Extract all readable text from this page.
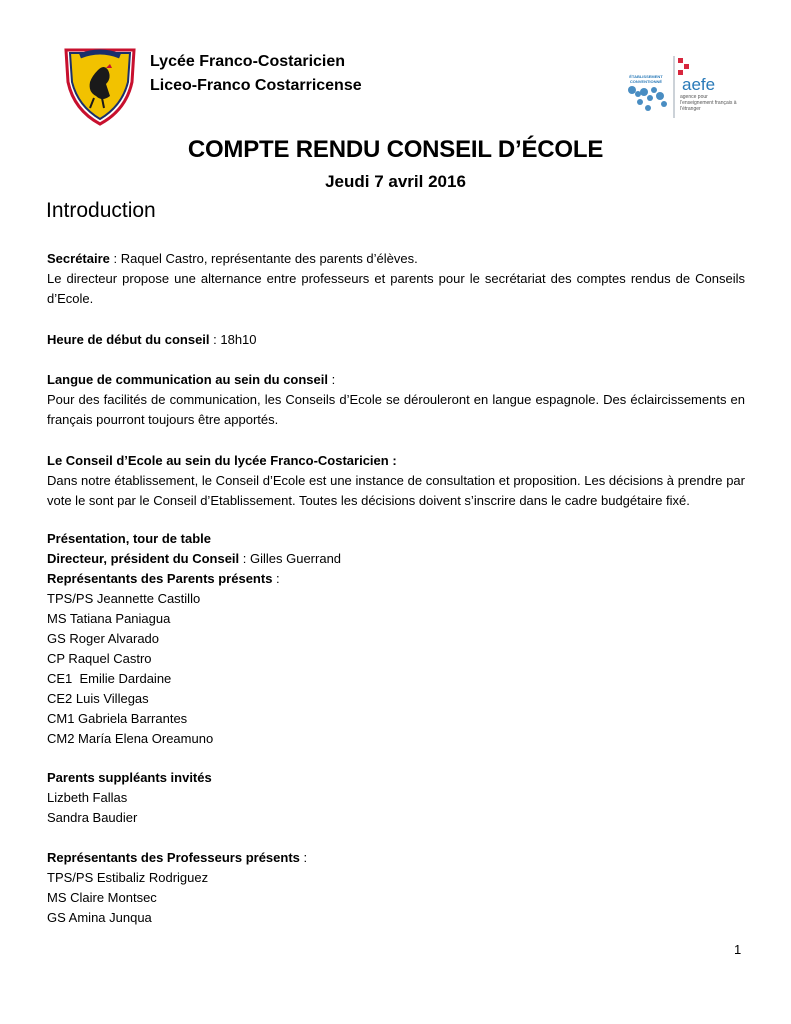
Lycée Franco-Costaricien
Liceo-Franco Costarricense	aefe
ÉTABLISSEMENT CONVENTIONNÉ
agence pour l'enseignement français à l'étranger
COMPTE RENDU CONSEIL D’ÉCOLE
Jeudi 7 avril 2016
Introduction
Secrétaire : Raquel Castro, représentante des parents d’élèves.
Le directeur propose une alternance entre professeurs et parents pour le secrétariat des comptes rendus de Conseils d’Ecole.
Heure de début du conseil : 18h10
Langue de communication au sein du conseil :
Pour des facilités de communication, les Conseils d’Ecole se dérouleront en langue espagnole. Des éclaircissements en français pourront toujours être apportés.
Le Conseil d’Ecole au sein du lycée Franco-Costaricien :
Dans notre établissement, le Conseil d’Ecole est une instance de consultation et proposition. Les décisions à prendre par vote le sont par le Conseil d’Etablissement. Toutes les décisions doivent s’inscrire dans le cadre budgétaire fixé.
Présentation, tour de table
Directeur, président du Conseil : Gilles Guerrand
Représentants des Parents présents :
TPS/PS Jeannette Castillo
MS Tatiana Paniagua
GS Roger Alvarado
CP Raquel Castro
CE1  Emilie Dardaine
CE2 Luis Villegas
CM1 Gabriela Barrantes
CM2 María Elena Oreamuno
Parents suppléants invités
Lizbeth Fallas
Sandra Baudier
Représentants des Professeurs présents :
TPS/PS Estibaliz Rodriguez
MS Claire Montsec
GS Amina Junqua
1
